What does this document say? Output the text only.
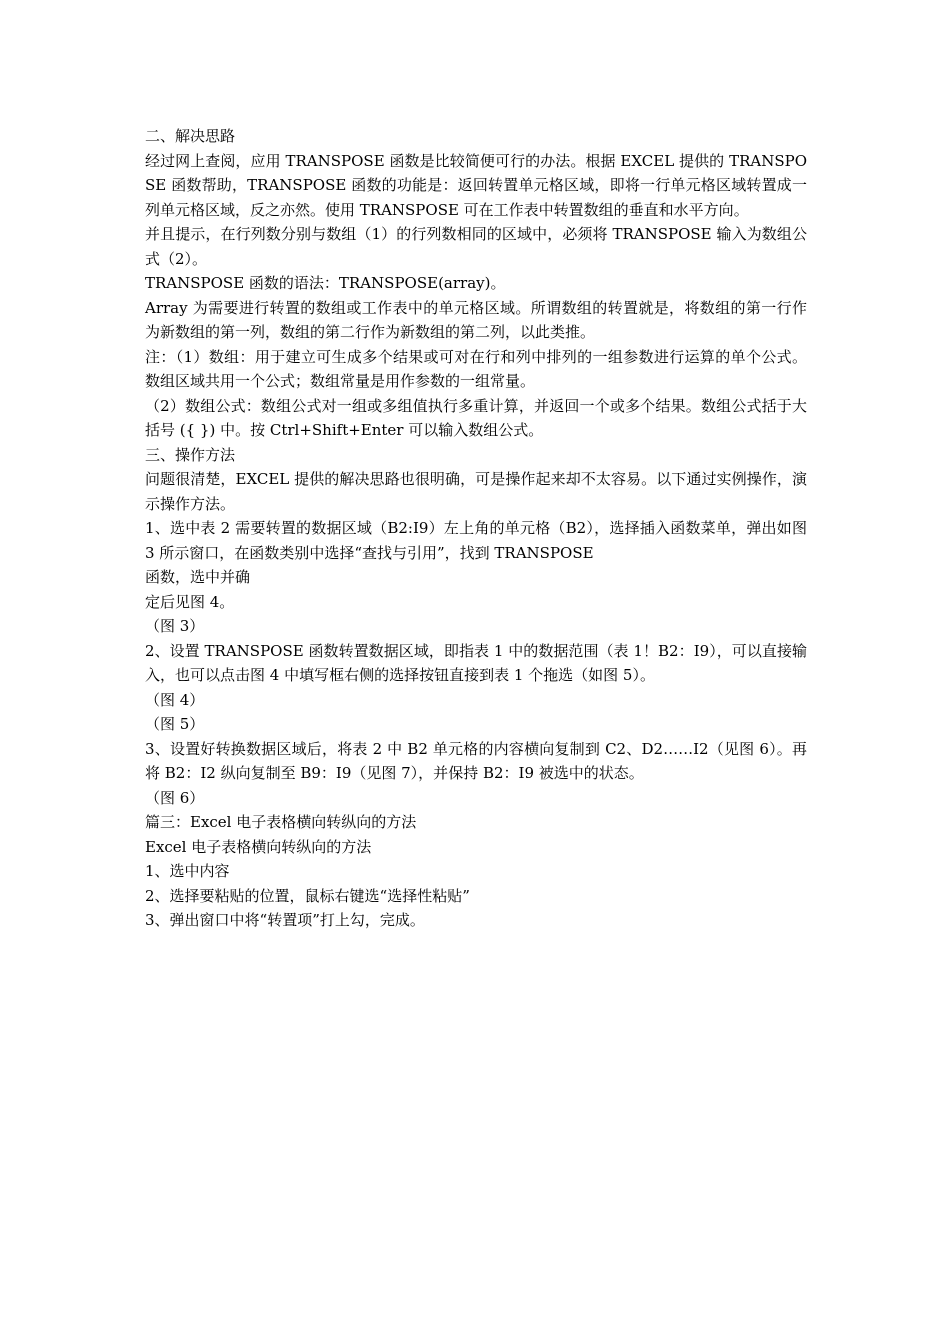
二、解决思路

经过网上查阅，应用 TRANSPOSE 函数是比较简便可行的办法。根据 EXCEL 提供的 TRANSPOSE 函数帮助，TRANSPOSE 函数的功能是：返回转置单元格区域，即将一行单元格区域转置成一列单元格区域，反之亦然。使用 TRANSPOSE 可在工作表中转置数组的垂直和水平方向。

并且提示，在行列数分别与数组（1）的行列数相同的区域中，必须将 TRANSPOSE 输入为数组公式（2）。

TRANSPOSE 函数的语法：TRANSPOSE(array)。

Array 为需要进行转置的数组或工作表中的单元格区域。所谓数组的转置就是，将数组的第一行作为新数组的第一列，数组的第二行作为新数组的第二列，以此类推。

注：（1）数组：用于建立可生成多个结果或可对在行和列中排列的一组参数进行运算的单个公式。数组区域共用一个公式；数组常量是用作参数的一组常量。

（2）数组公式：数组公式对一组或多组值执行多重计算，并返回一个或多个结果。数组公式括于大括号 ({ }) 中。按 Ctrl+Shift+Enter 可以输入数组公式。

三、操作方法

问题很清楚，EXCEL 提供的解决思路也很明确，可是操作起来却不太容易。以下通过实例操作，演示操作方法。

1、选中表 2 需要转置的数据区域（B2:I9）左上角的单元格（B2），选择插入函数菜单，弹出如图 3 所示窗口，在函数类别中选择“查找与引用”，找到 TRANSPOSE

函数，选中并确

定后见图 4。

（图 3）

2、设置 TRANSPOSE 函数转置数据区域，即指表 1 中的数据范围（表 1！B2：I9），可以直接输入，也可以点击图 4 中填写框右侧的选择按钮直接到表 1 个拖选（如图 5）。

（图 4）

（图 5）

3、设置好转换数据区域后，将表 2 中 B2 单元格的内容横向复制到 C2、D2……I2（见图 6）。再将 B2：I2 纵向复制至 B9：I9（见图 7），并保持 B2：I9 被选中的状态。

（图 6）

篇三：Excel 电子表格横向转纵向的方法

Excel 电子表格横向转纵向的方法

1、选中内容

2、选择要粘贴的位置，鼠标右键选“选择性粘贴”

3、弹出窗口中将“转置项”打上勾，完成。
